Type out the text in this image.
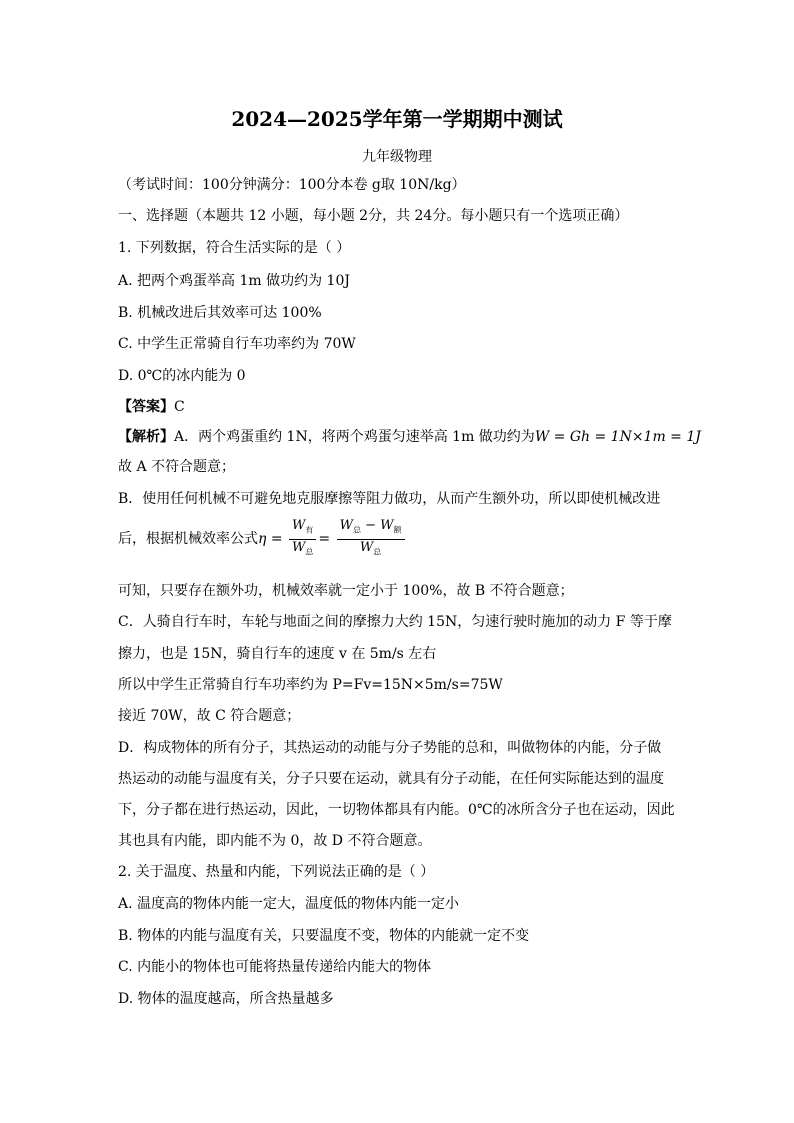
2024—2025学年第一学期期中测试
九年级物理
（考试时间：100分钟满分：100分本卷 g取 10N/kg）
一、选择题（本题共 12 小题，每小题 2分，共 24分。每小题只有一个选项正确）
1. 下列数据，符合生活实际的是（ ）
A. 把两个鸡蛋举高 1m 做功约为 10J
B. 机械改进后其效率可达 100%
C. 中学生正常骑自行车功率约为 70W
D. 0℃的冰内能为 0
【答案】C
【解析】A．两个鸡蛋重约 1N，将两个鸡蛋匀速举高 1m 做功约为W = Gh = 1N×1m = 1J
故 A 不符合题意；
B．使用任何机械不可避免地克服摩擦等阻力做功，从而产生额外功，所以即使机械改进
后，根据机械效率公式$\eta = \frac{W_有}{W_总} = \frac{W_总 - W_额}{W_总}$
可知，只要存在额外功，机械效率就一定小于 100%，故 B 不符合题意；
C．人骑自行车时，车轮与地面之间的摩擦力大约 15N，匀速行驶时施加的动力 F 等于摩
擦力，也是 15N，骑自行车的速度 v 在 5m/s 左右
所以中学生正常骑自行车功率约为 P=Fv=15N×5m/s=75W
接近 70W，故 C 符合题意；
D．构成物体的所有分子，其热运动的动能与分子势能的总和，叫做物体的内能，分子做
热运动的动能与温度有关，分子只要在运动，就具有分子动能，在任何实际能达到的温度
下，分子都在进行热运动，因此，一切物体都具有内能。0℃的冰所含分子也在运动，因此
其也具有内能，即内能不为 0，故 D 不符合题意。
2. 关于温度、热量和内能，下列说法正确的是（ ）
A. 温度高的物体内能一定大，温度低的物体内能一定小
B. 物体的内能与温度有关，只要温度不变，物体的内能就一定不变
C. 内能小的物体也可能将热量传递给内能大的物体
D. 物体的温度越高，所含热量越多
